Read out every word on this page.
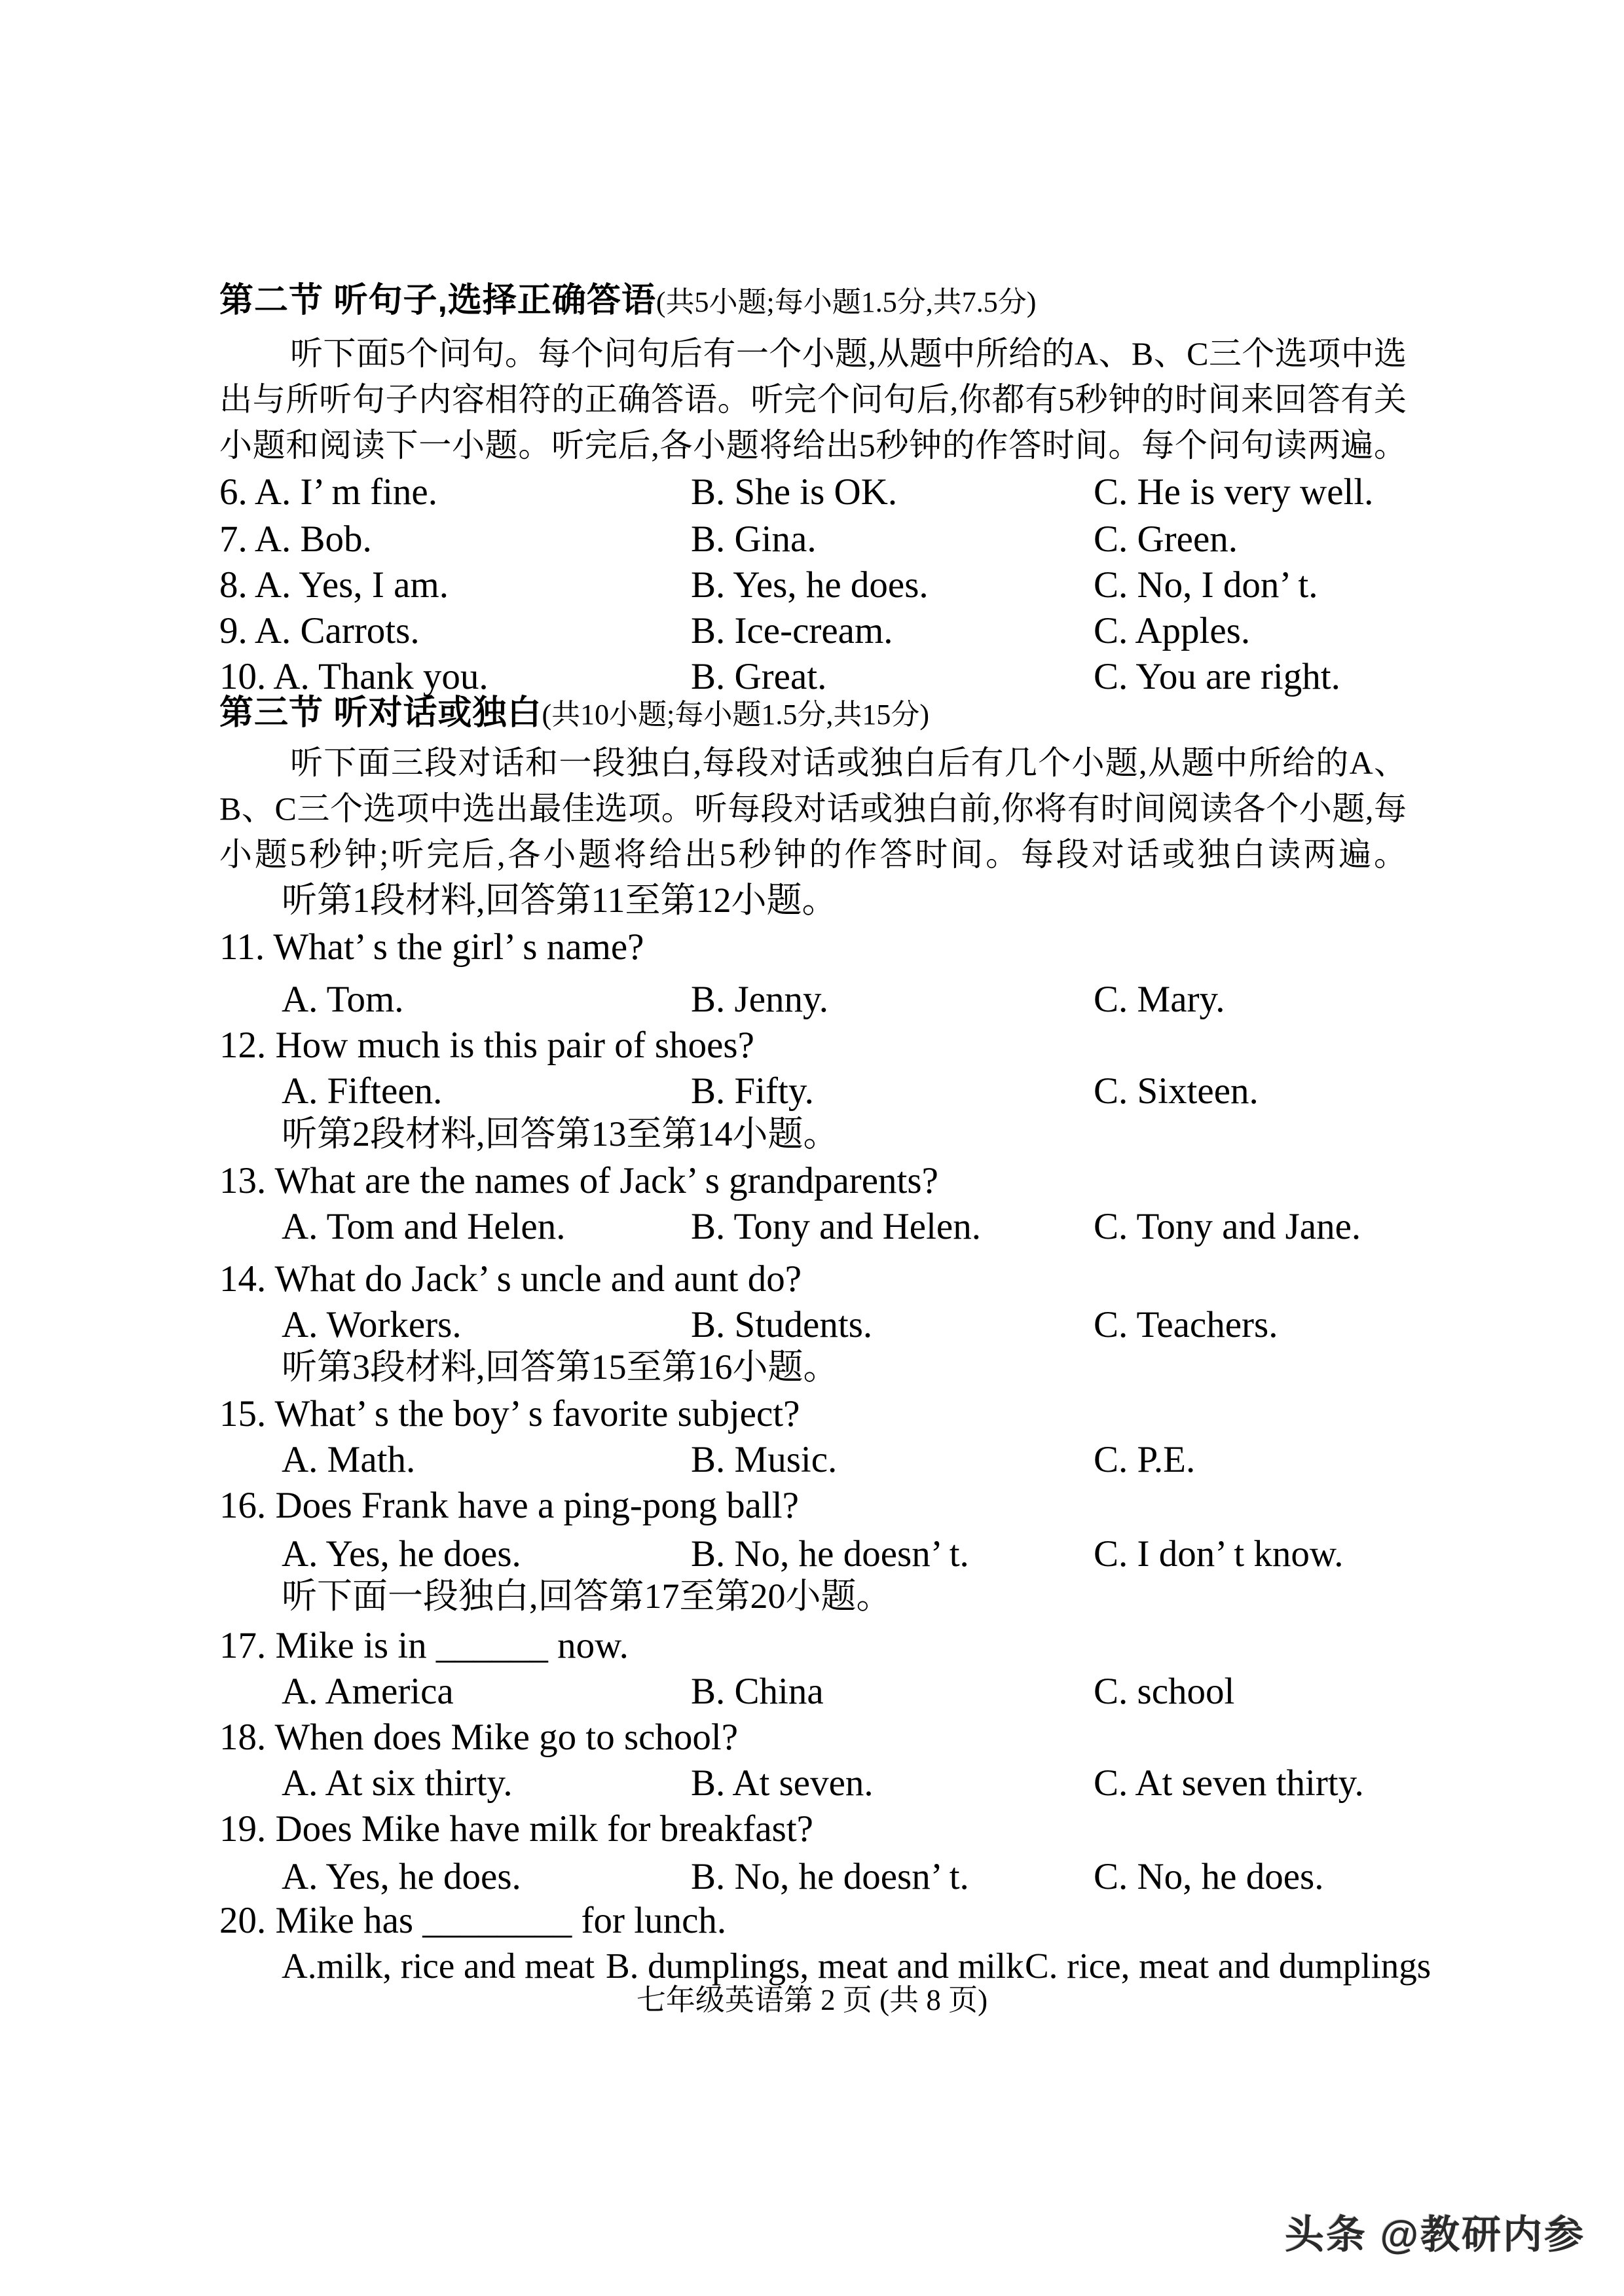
第二节 听句子,选择正确答语(共5小题;每小题1.5分,共7.5分)
听下面5个问句。每个问句后有一个小题,从题中所给的A、B、C三个选项中选
出与所听句子内容相符的正确答语。听完个问句后,你都有5秒钟的时间来回答有关
小题和阅读下一小题。听完后,各小题将给出5秒钟的作答时间。每个问句读两遍。
6. A. I’ m fine.	B. She is OK.	C. He is very well.
7. A. Bob.	B. Gina.	C. Green.
8. A. Yes, I am.	B. Yes, he does.	C. No, I don’ t.
9. A. Carrots.	B. Ice-cream.	C. Apples.
10. A. Thank you.	B. Great.	C. You are right.
第三节 听对话或独白(共10小题;每小题1.5分,共15分)
听下面三段对话和一段独白,每段对话或独白后有几个小题,从题中所给的A、
B、C三个选项中选出最佳选项。听每段对话或独白前,你将有时间阅读各个小题,每
小题5秒钟;听完后,各小题将给出5秒钟的作答时间。每段对话或独白读两遍。
听第1段材料,回答第11至第12小题。
11. What’ s the girl’ s name?
A. Tom.	B. Jenny.	C. Mary.
12. How much is this pair of shoes?
A. Fifteen.	B. Fifty.	C. Sixteen.
听第2段材料,回答第13至第14小题。
13. What are the names of Jack’ s grandparents?
A. Tom and Helen.	B. Tony and Helen.	C. Tony and Jane.
14. What do Jack’ s uncle and aunt do?
A. Workers.	B. Students.	C. Teachers.
听第3段材料,回答第15至第16小题。
15. What’ s the boy’ s favorite subject?
A. Math.	B. Music.	C. P.E.
16. Does Frank have a ping-pong ball?
A. Yes, he does.	B. No, he doesn’ t.	C. I don’ t know.
听下面一段独白,回答第17至第20小题。
17. Mike is in ______ now.
A. America	B. China	C. school
18. When does Mike go to school?
A. At six thirty.	B. At seven.	C. At seven thirty.
19. Does Mike have milk for breakfast?
A. Yes, he does.	B. No, he doesn’ t.	C. No, he does.
20. Mike has ________ for lunch.
A.milk, rice and meat B. dumplings, meat and milk C. rice, meat and dumplings
七年级英语第 2 页 (共 8 页)
头条 @教研内参
